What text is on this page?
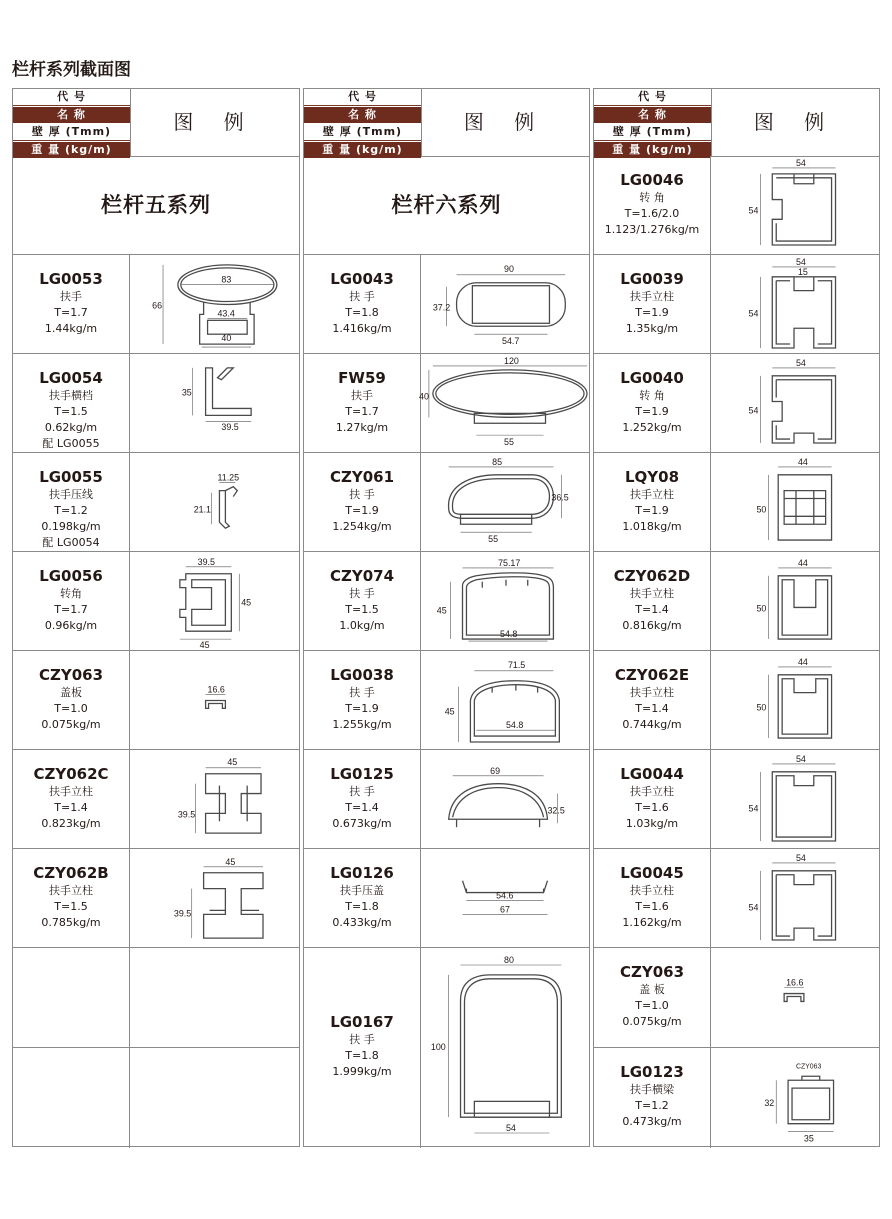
栏杆系列截面图
代 号
名 称
壁 厚 (Tmm)
重 量 (kg/m)
图 例
栏杆五系列
LG0053
扶手
T=1.7
1.44kg/m
83
66
43.4
40
LG0054
扶手横档
T=1.5
0.62kg/m
配 LG0055
35
39.5
LG0055
扶手压线
T=1.2
0.198kg/m
配 LG0054
11.25
21.1
LG0056
转角
T=1.7
0.96kg/m
39.5
45
45
CZY063
盖板
T=1.0
0.075kg/m
16.6
CZY062C
扶手立柱
T=1.4
0.823kg/m
45
39.5
CZY062B
扶手立柱
T=1.5
0.785kg/m
45
39.5
代 号
名 称
壁 厚 (Tmm)
重 量 (kg/m)
图 例
栏杆六系列
LG0043
扶 手
T=1.8
1.416kg/m
90
37.2
54.7
FW59
扶手
T=1.7
1.27kg/m
120
40
55
CZY061
扶 手
T=1.9
1.254kg/m
85
36.5
55
CZY074
扶 手
T=1.5
1.0kg/m
75.17
45
54.8
LG0038
扶 手
T=1.9
1.255kg/m
71.5
45
54.8
LG0125
扶 手
T=1.4
0.673kg/m
69
32.5
LG0126
扶手压盖
T=1.8
0.433kg/m
54.6
67
LG0167
扶 手
T=1.8
1.999kg/m
80
100
54
代 号
名 称
壁 厚 (Tmm)
重 量 (kg/m)
图 例
LG0046
转 角
T=1.6/2.0
1.123/1.276kg/m
54
54
LG0039
扶手立柱
T=1.9
1.35kg/m
54
15
54
LG0040
转 角
T=1.9
1.252kg/m
54
54
LQY08
扶手立柱
T=1.9
1.018kg/m
44
50
CZY062D
扶手立柱
T=1.4
0.816kg/m
44
50
CZY062E
扶手立柱
T=1.4
0.744kg/m
44
50
LG0044
扶手立柱
T=1.6
1.03kg/m
54
54
LG0045
扶手立柱
T=1.6
1.162kg/m
54
54
CZY063
盖 板
T=1.0
0.075kg/m
16.6
LG0123
扶手横梁
T=1.2
0.473kg/m
CZY063
32
35
